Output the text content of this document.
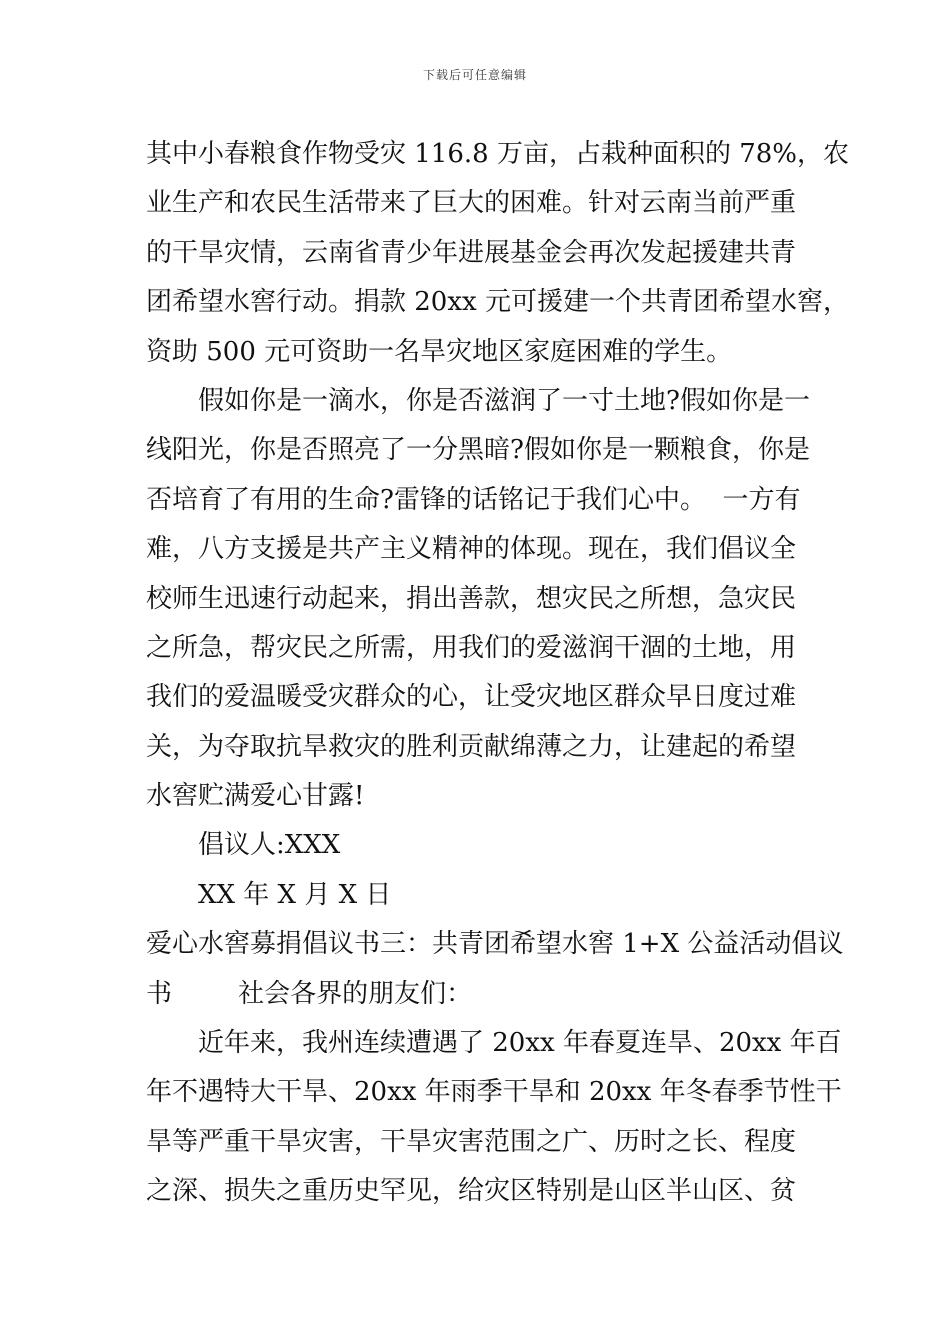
下载后可任意编辑
其中小春粮食作物受灾 116.8 万亩，占栽种面积的 78%，农
业生产和农民生活带来了巨大的困难。针对云南当前严重
的干旱灾情，云南省青少年进展基金会再次发起援建共青
团希望水窖行动。捐款 20xx 元可援建一个共青团希望水窖，
资助 500 元可资助一名旱灾地区家庭困难的学生。
假如你是一滴水，你是否滋润了一寸土地?假如你是一
线阳光，你是否照亮了一分黑暗?假如你是一颗粮食，你是
否培育了有用的生命?雷锋的话铭记于我们心中。  一方有
难，八方支援是共产主义精神的体现。现在，我们倡议全
校师生迅速行动起来，捐出善款，想灾民之所想，急灾民
之所急，帮灾民之所需，用我们的爱滋润干涸的土地，用
我们的爱温暖受灾群众的心，让受灾地区群众早日度过难
关，为夺取抗旱救灾的胜利贡献绵薄之力，让建起的希望
水窖贮满爱心甘露!
倡议人:XXX
XX 年 X 月 X 日
爱心水窖募捐倡议书三：共青团希望水窖 1+X 公益活动倡议
书        社会各界的朋友们：
近年来，我州连续遭遇了 20xx 年春夏连旱、20xx 年百
年不遇特大干旱、20xx 年雨季干旱和 20xx 年冬春季节性干
旱等严重干旱灾害，干旱灾害范围之广、历时之长、程度
之深、损失之重历史罕见，给灾区特别是山区半山区、贫
